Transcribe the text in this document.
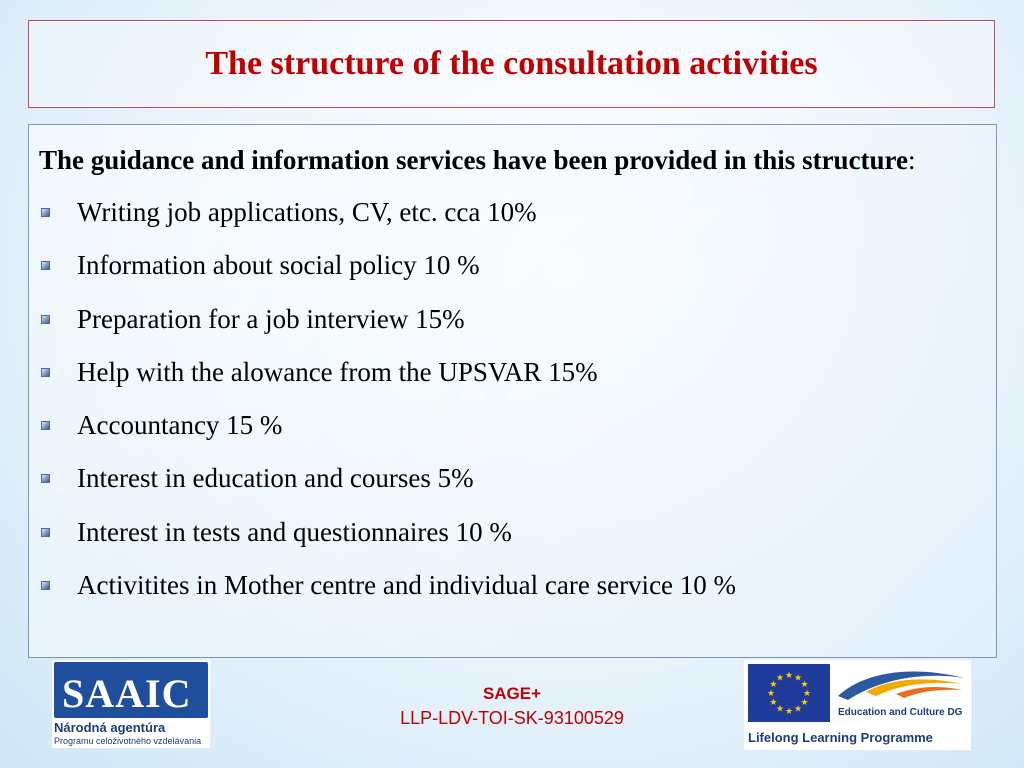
The structure of the consultation activities

The guidance and information services have been provided in this structure:

Writing job applications, CV, etc. cca 10%
Information about social policy 10 %
Preparation for a job interview 15%
Help with the alowance from the UPSVAR 15%
Accountancy 15 %
Interest in education and courses 5%
Interest in tests and questionnaires 10 %
Activitites in Mother centre and individual care service 10 %
SAAIC
Národná agentúra
Programu celoživotného vzdelávania
SAGE+
LLP-LDV-TOI-SK-93100529
★ ★
★
★
★
★
★
★
★
★
★
★
Education and Culture DG
Lifelong Learning Programme
